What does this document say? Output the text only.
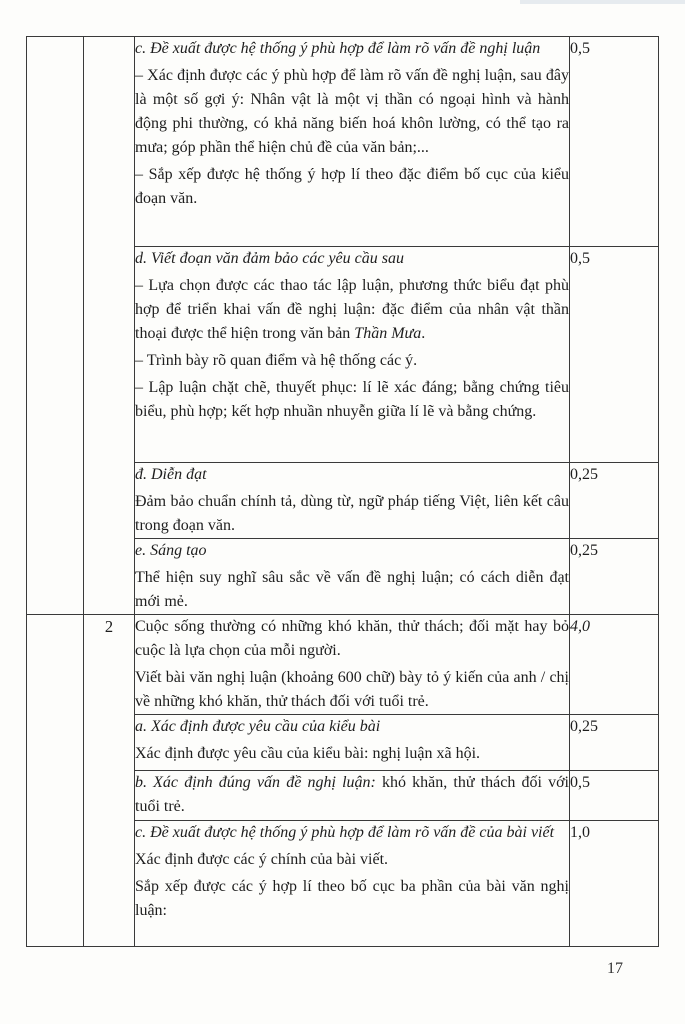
		c. Đề xuất được hệ thống ý phù hợp để làm rõ vấn đề nghị luận

– Xác định được các ý phù hợp để làm rõ vấn đề nghị luận, sau đây là một số gợi ý: Nhân vật là một vị thần có ngoại hình và hành động phi thường, có khả năng biến hoá khôn lường, có thể tạo ra mưa; góp phần thể hiện chủ đề của văn bản;...

– Sắp xếp được hệ thống ý hợp lí theo đặc điểm bố cục của kiểu đoạn văn.	0,5

		d. Viết đoạn văn đảm bảo các yêu cầu sau

– Lựa chọn được các thao tác lập luận, phương thức biểu đạt phù hợp để triển khai vấn đề nghị luận: đặc điểm của nhân vật thần thoại được thể hiện trong văn bản Thần Mưa.

– Trình bày rõ quan điểm và hệ thống các ý.

– Lập luận chặt chẽ, thuyết phục: lí lẽ xác đáng; bằng chứng tiêu biểu, phù hợp; kết hợp nhuần nhuyễn giữa lí lẽ và bằng chứng.	0,5

		đ. Diễn đạt

Đảm bảo chuẩn chính tả, dùng từ, ngữ pháp tiếng Việt, liên kết câu trong đoạn văn.	0,25

		e. Sáng tạo

Thể hiện suy nghĩ sâu sắc về vấn đề nghị luận; có cách diễn đạt mới mẻ.	0,25
	2	Cuộc sống thường có những khó khăn, thử thách; đối mặt hay bỏ cuộc là lựa chọn của mỗi người.

Viết bài văn nghị luận (khoảng 600 chữ) bày tỏ ý kiến của anh / chị về những khó khăn, thử thách đối với tuổi trẻ.	4,0

		a. Xác định được yêu cầu của kiểu bài

Xác định được yêu cầu của kiểu bài: nghị luận xã hội.	0,25

		b. Xác định đúng vấn đề nghị luận: khó khăn, thử thách đối với tuổi trẻ.	0,5

		c. Đề xuất được hệ thống ý phù hợp để làm rõ vấn đề của bài viết

Xác định được các ý chính của bài viết.

Sắp xếp được các ý hợp lí theo bố cục ba phần của bài văn nghị luận:	1,0
17
